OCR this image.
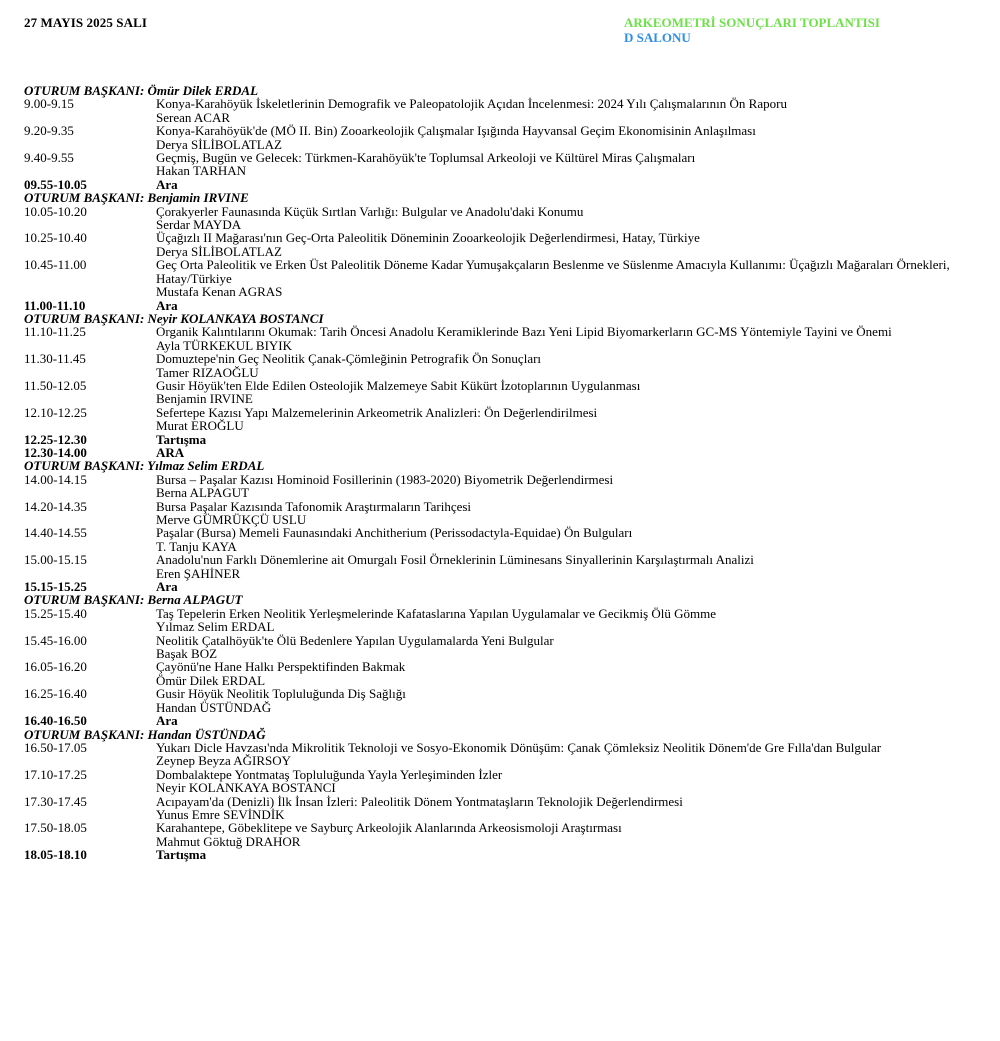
27 MAYIS 2025 SALI	ARKEOMETRİ SONUÇLARI TOPLANTISI
D SALONU
OTURUM BAŞKANI: Ömür Dilek ERDAL
9.00-9.15	Konya-Karahöyük İskeletlerinin Demografik ve Paleopatolojik Açıdan İncelenmesi: 2024 Yılı Çalışmalarının Ön Raporu
Serean ACAR
9.20-9.35	Konya-Karahöyük'de (MÖ II. Bin) Zooarkeolojik Çalışmalar Işığında Hayvansal Geçim Ekonomisinin Anlaşılması
Derya SİLİBOLATLAZ
9.40-9.55	Geçmiş, Bugün ve Gelecek: Türkmen-Karahöyük'te Toplumsal Arkeoloji ve Kültürel Miras Çalışmaları
Hakan TARHAN
09.55-10.05	Ara
OTURUM BAŞKANI: Benjamin IRVINE
10.05-10.20	Çorakyerler Faunasında Küçük Sırtlan Varlığı: Bulgular ve Anadolu'daki Konumu
Serdar MAYDA
10.25-10.40	Üçağızlı II Mağarası'nın Geç-Orta Paleolitik Döneminin Zooarkeolojik Değerlendirmesi, Hatay, Türkiye
Derya SİLİBOLATLAZ
10.45-11.00	Geç Orta Paleolitik ve Erken Üst Paleolitik Döneme Kadar Yumuşakçaların Beslenme ve Süslenme Amacıyla Kullanımı: Üçağızlı Mağaraları Örnekleri, Hatay/Türkiye
Mustafa Kenan AGRAS
11.00-11.10	Ara
OTURUM BAŞKANI: Neyir KOLANKAYA BOSTANCI
11.10-11.25	Organik Kalıntılarını Okumak: Tarih Öncesi Anadolu Keramiklerinde Bazı Yeni Lipid Biyomarkerların GC-MS Yöntemiyle Tayini ve Önemi
Ayla TÜRKEKUL BIYIK
11.30-11.45	Domuztepe'nin Geç Neolitik Çanak-Çömleğinin Petrografik Ön Sonuçları
Tamer RIZAOĞLU
11.50-12.05	Gusir Höyük'ten Elde Edilen Osteolojik Malzemeye Sabit Kükürt İzotoplarının Uygulanması
Benjamin IRVINE
12.10-12.25	Sefertepe Kazısı Yapı Malzemelerinin Arkeometrik Analizleri: Ön Değerlendirilmesi
Murat EROĞLU
12.25-12.30	Tartışma
12.30-14.00	ARA
OTURUM BAŞKANI: Yılmaz Selim ERDAL
14.00-14.15	Bursa – Paşalar Kazısı Hominoid Fosillerinin (1983-2020) Biyometrik Değerlendirmesi
Berna ALPAGUT
14.20-14.35	Bursa Paşalar Kazısında Tafonomik Araştırmaların Tarihçesi
Merve GÜMRÜKÇÜ USLU
14.40-14.55	Paşalar (Bursa) Memeli Faunasındaki Anchitherium (Perissodactyla-Equidae) Ön Bulguları
T. Tanju KAYA
15.00-15.15	Anadolu'nun Farklı Dönemlerine ait Omurgalı Fosil Örneklerinin Lüminesans Sinyallerinin Karşılaştırmalı Analizi
Eren ŞAHİNER
15.15-15.25	Ara
OTURUM BAŞKANI: Berna ALPAGUT
15.25-15.40	Taş Tepelerin Erken Neolitik Yerleşmelerinde Kafataslarına Yapılan Uygulamalar ve Gecikmiş Ölü Gömme
Yılmaz Selim ERDAL
15.45-16.00	Neolitik Çatalhöyük'te Ölü Bedenlere Yapılan Uygulamalarda Yeni Bulgular
Başak BOZ
16.05-16.20	Çayönü'ne Hane Halkı Perspektifinden Bakmak
Ömür Dilek ERDAL
16.25-16.40	Gusir Höyük Neolitik Topluluğunda Diş Sağlığı
Handan ÜSTÜNDAĞ
16.40-16.50	Ara
OTURUM BAŞKANI: Handan ÜSTÜNDAĞ
16.50-17.05	Yukarı Dicle Havzası'nda Mikrolitik Teknoloji ve Sosyo-Ekonomik Dönüşüm: Çanak Çömleksiz Neolitik Dönem'de Gre Fılla'dan Bulgular
Zeynep Beyza AĞIRSOY
17.10-17.25	Dombalaktepe Yontmataş Topluluğunda Yayla Yerleşiminden İzler
Neyir KOLANKAYA BOSTANCI
17.30-17.45	Acıpayam'da (Denizli) İlk İnsan İzleri: Paleolitik Dönem Yontmataşların Teknolojik Değerlendirmesi
Yunus Emre SEVİNDİK
17.50-18.05	Karahantepe, Göbeklitepe ve Sayburç Arkeolojik Alanlarında Arkeosismoloji Araştırması
Mahmut Göktuğ DRAHOR
18.05-18.10	Tartışma
